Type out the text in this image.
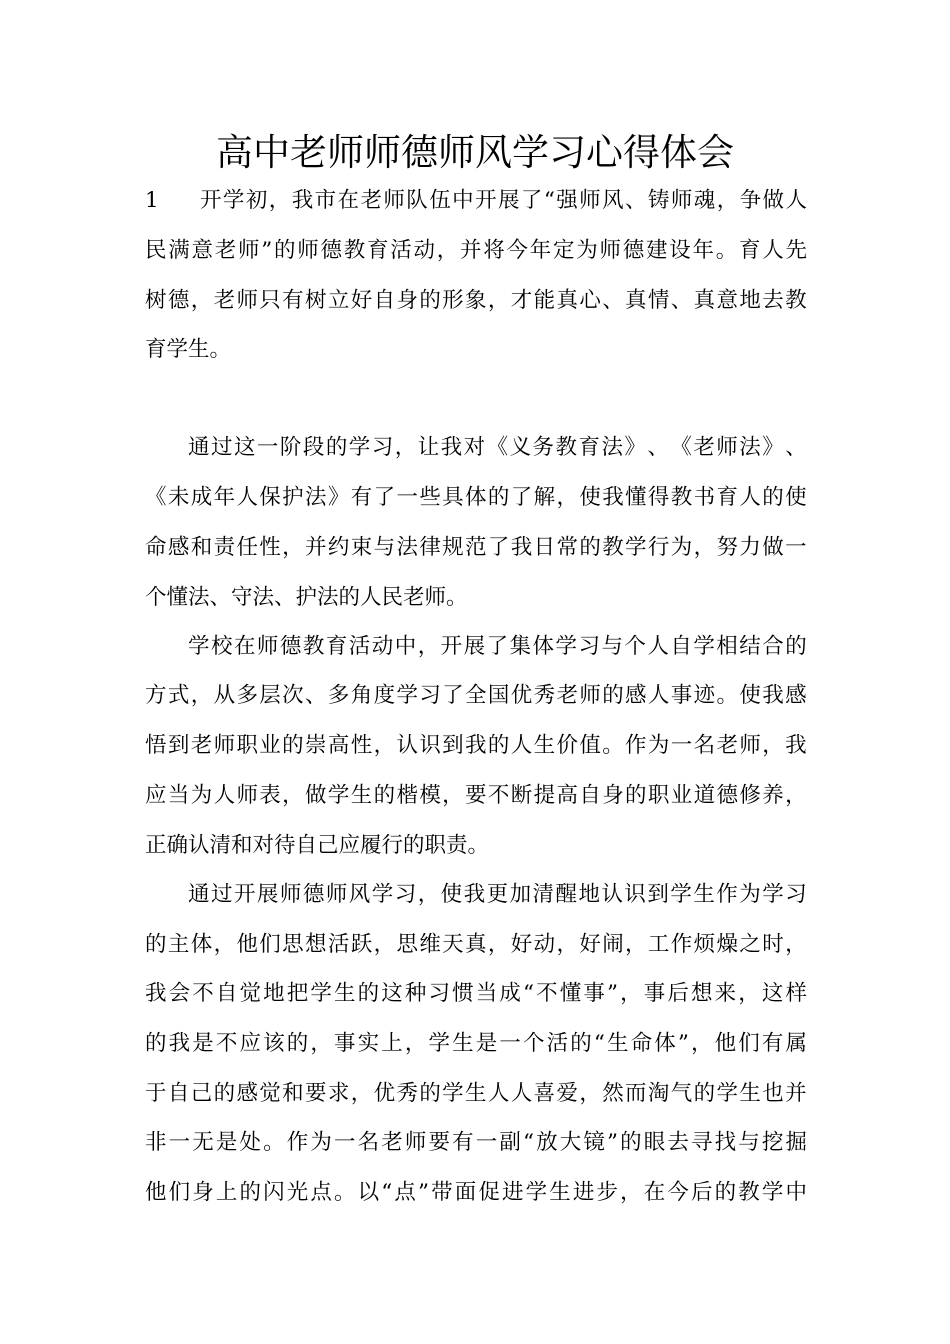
高中老师师德师风学习心得体会
1 开 学 初 ， 我 市 在 老 师 队 伍 中 开 展 了 “ 强 师 风 、 铸 师 魂 ， 争 做 人
民 满 意 老 师 ” 的 师 德 教 育 活 动 ， 并 将 今 年 定 为 师 德 建 设 年 。 育 人 先
树 德 ， 老 师 只 有 树 立 好 自 身 的 形 象 ， 才 能 真 心 、 真 情 、 真 意 地 去 教
育学生。
通 过 这 一 阶 段 的 学 习 ， 让 我 对 《 义 务 教 育 法 》 、 《 老 师 法 》 、
《 未 成 年 人 保 护 法 》 有 了 一 些 具 体 的 了 解 ， 使 我 懂 得 教 书 育 人 的 使
命 感 和 责 任 性 ， 并 约 束 与 法 律 规 范 了 我 日 常 的 教 学 行 为 ， 努 力 做 一
个懂法、守法、护法的人民老师。
学 校 在 师 德 教 育 活 动 中 ， 开 展 了 集 体 学 习 与 个 人 自 学 相 结 合 的
方 式 ， 从 多 层 次 、 多 角 度 学 习 了 全 国 优 秀 老 师 的 感 人 事 迹 。 使 我 感
悟 到 老 师 职 业 的 崇 高 性 ， 认 识 到 我 的 人 生 价 值 。 作 为 一 名 老 师 ， 我
应 当 为 人 师 表 ， 做 学 生 的 楷 模 ， 要 不 断 提 高 自 身 的 职 业 道 德 修 养 ，
正确认清和对待自己应履行的职责。
通 过 开 展 师 德 师 风 学 习 ， 使 我 更 加 清 醒 地 认 识 到 学 生 作 为 学 习
的 主 体 ， 他 们 思 想 活 跃 ， 思 维 天 真 ， 好 动 ， 好 闹 ， 工 作 烦 燥 之 时 ，
我 会 不 自 觉 地 把 学 生 的 这 种 习 惯 当 成 “ 不 懂 事 ” ， 事 后 想 来 ， 这 样
的 我 是 不 应 该 的 ， 事 实 上 ， 学 生 是 一 个 活 的 “ 生 命 体 ” ， 他 们 有 属
于 自 己 的 感 觉 和 要 求 ， 优 秀 的 学 生 人 人 喜 爱 ， 然 而 淘 气 的 学 生 也 并
非 一 无 是 处 。 作 为 一 名 老 师 要 有 一 副 “ 放 大 镜 ” 的 眼 去 寻 找 与 挖 掘
他 们 身 上 的 闪 光 点 。 以 “ 点 ” 带 面 促 进 学 生 进 步 ， 在 今 后 的 教 学 中
